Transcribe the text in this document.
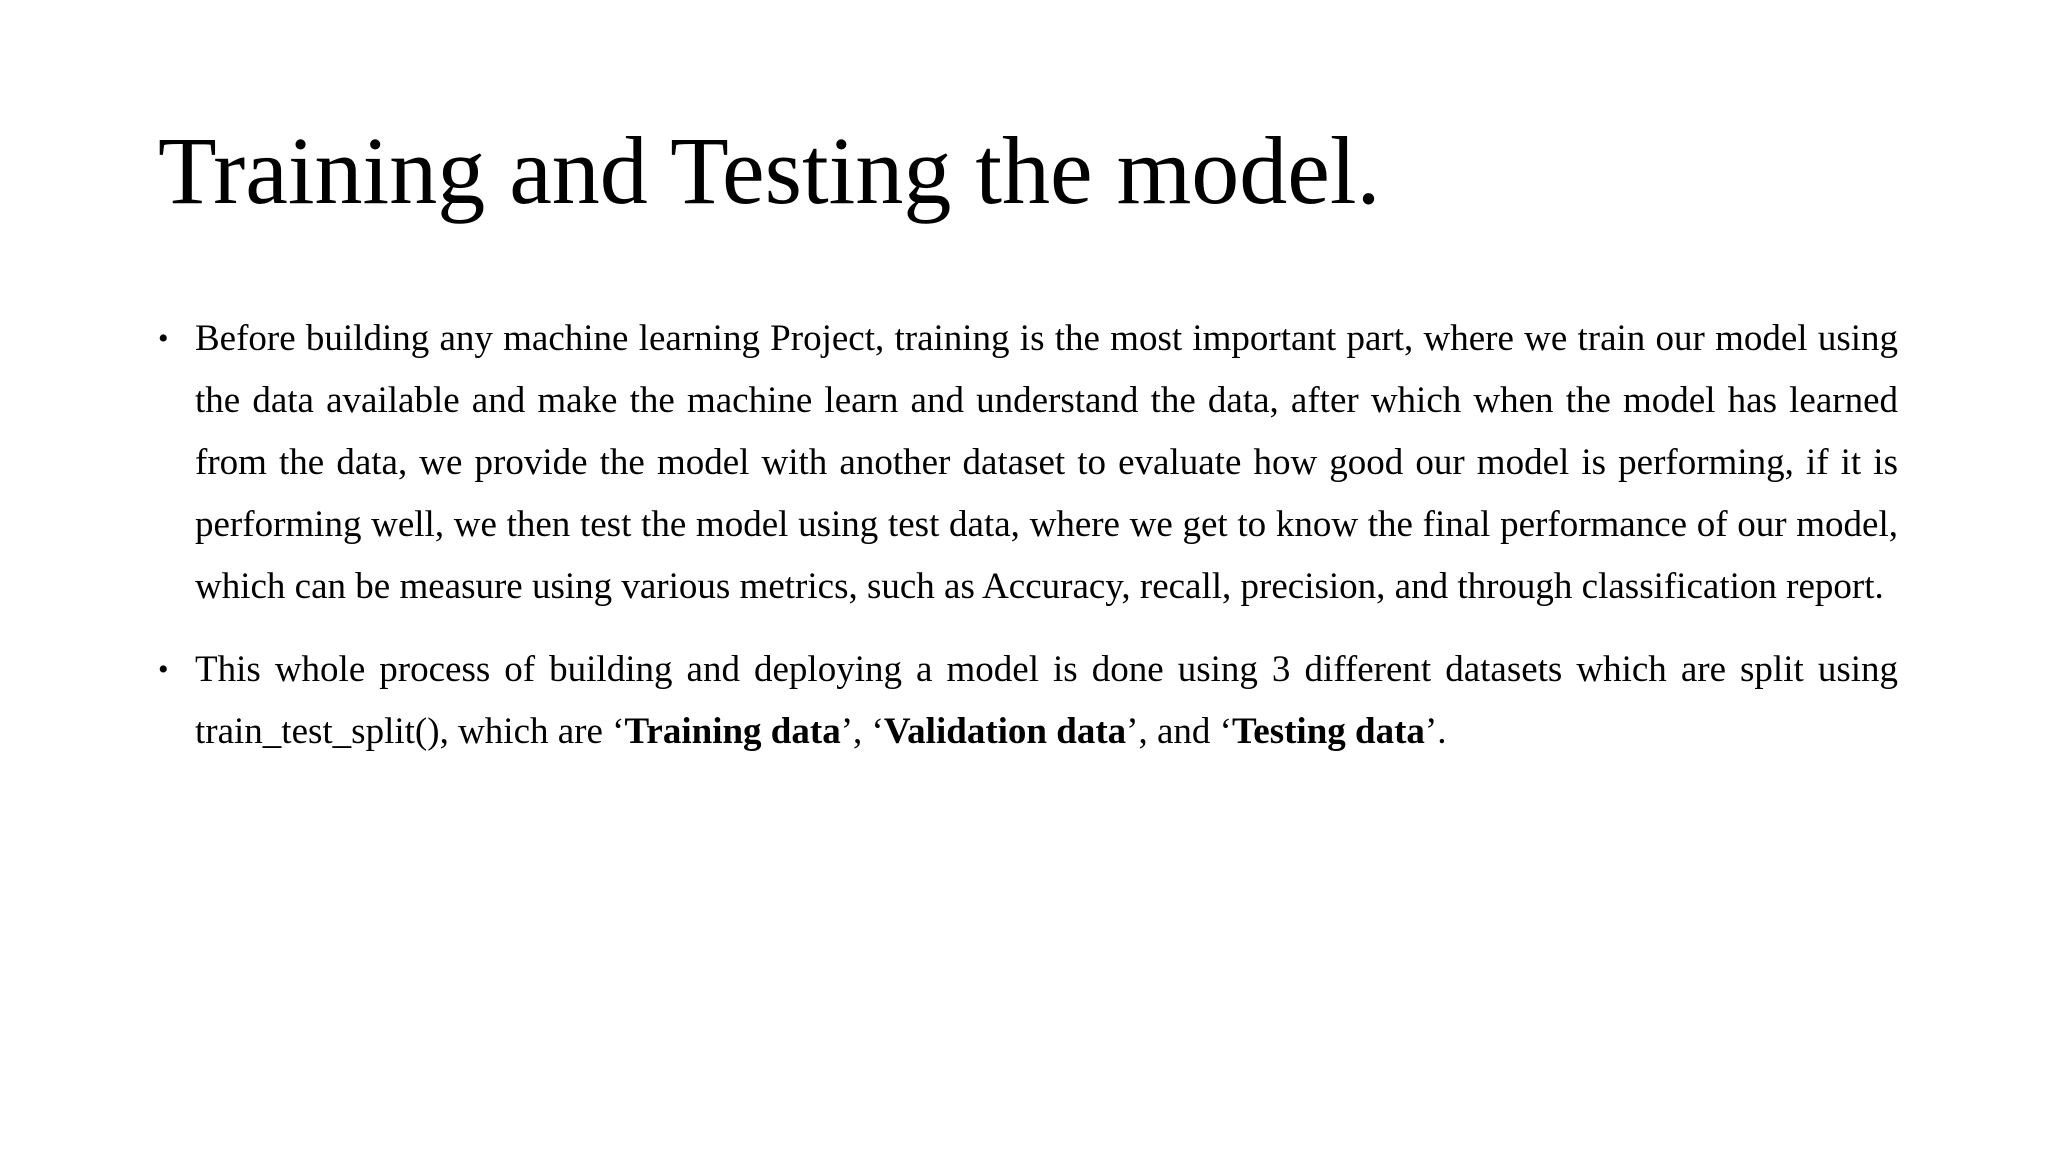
Training and Testing the model.
• Before building any machine learning Project, training is the most important part, where we train our model using the data available and make the machine learn and understand the data, after which when the model has learned from the data, we provide the model with another dataset to evaluate how good our model is performing, if it is performing well, we then test the model using test data, where we get to know the final performance of our model, which can be measure using various metrics, such as Accuracy, recall, precision, and through classification report.
• This whole process of building and deploying a model is done using 3 different datasets which are split using train_test_split(), which are ‘Training data’, ‘Validation data’, and ‘Testing data’.
